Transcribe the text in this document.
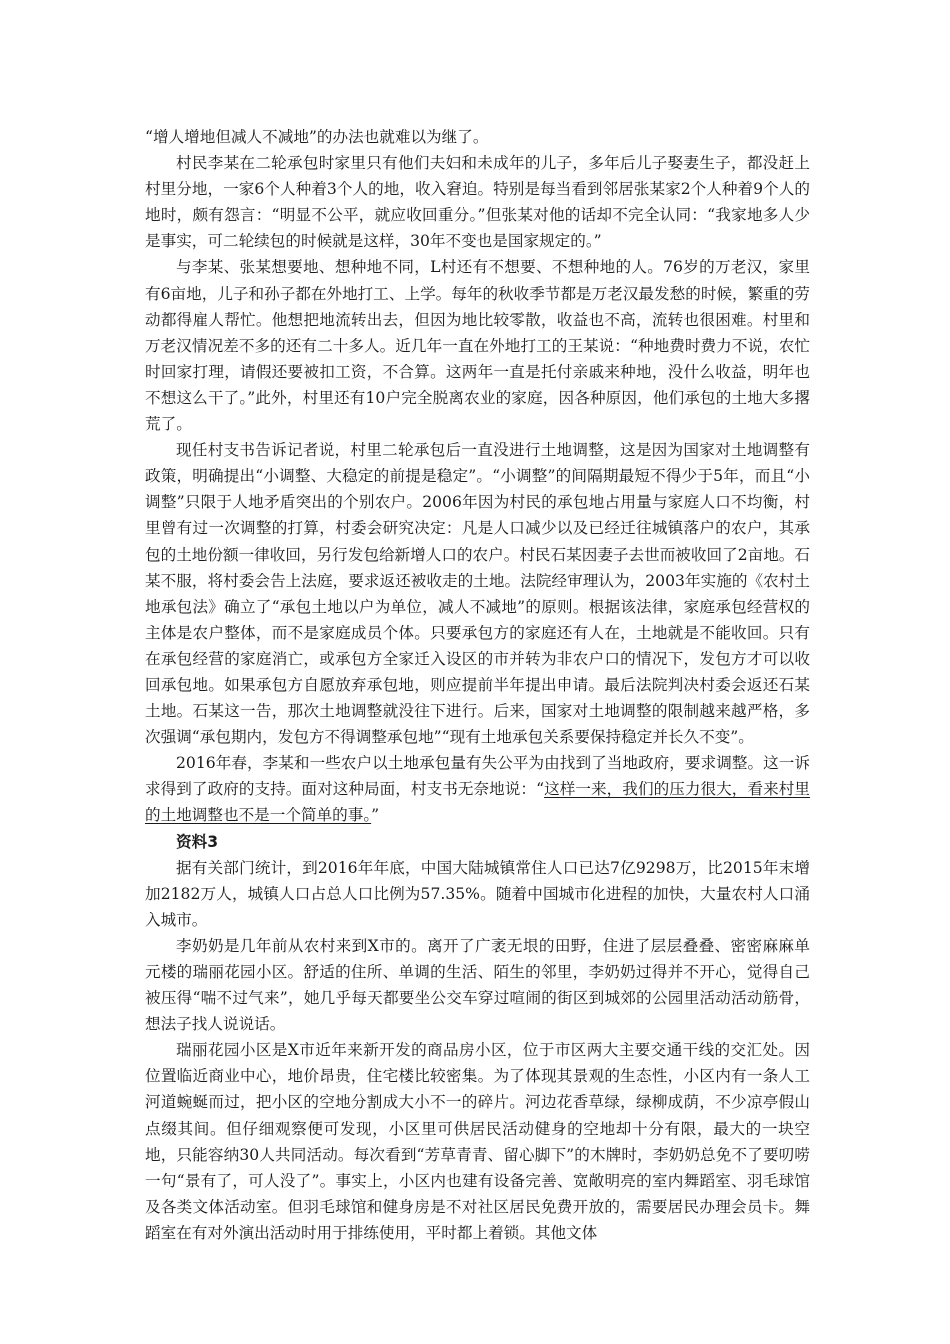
“增人增地但减人不减地”的办法也就难以为继了。

村民李某在二轮承包时家里只有他们夫妇和未成年的儿子，多年后儿子娶妻生子，都没赶上村里分地，一家6个人种着3个人的地，收入窘迫。特别是每当看到邻居张某家2个人种着9个人的地时，颇有怨言：“明显不公平，就应收回重分。”但张某对他的话却不完全认同：“我家地多人少是事实，可二轮续包的时候就是这样，30年不变也是国家规定的。”

与李某、张某想要地、想种地不同，L村还有不想要、不想种地的人。76岁的万老汉，家里有6亩地，儿子和孙子都在外地打工、上学。每年的秋收季节都是万老汉最发愁的时候，繁重的劳动都得雇人帮忙。他想把地流转出去，但因为地比较零散，收益也不高，流转也很困难。村里和万老汉情况差不多的还有二十多人。近几年一直在外地打工的王某说：“种地费时费力不说，农忙时回家打理，请假还要被扣工资，不合算。这两年一直是托付亲戚来种地，没什么收益，明年也不想这么干了。”此外，村里还有10户完全脱离农业的家庭，因各种原因，他们承包的土地大多撂荒了。

现任村支书告诉记者说，村里二轮承包后一直没进行土地调整，这是因为国家对土地调整有政策，明确提出“小调整、大稳定的前提是稳定”。“小调整”的间隔期最短不得少于5年，而且“小调整”只限于人地矛盾突出的个别农户。2006年因为村民的承包地占用量与家庭人口不均衡，村里曾有过一次调整的打算，村委会研究决定：凡是人口减少以及已经迁往城镇落户的农户，其承包的土地份额一律收回，另行发包给新增人口的农户。村民石某因妻子去世而被收回了2亩地。石某不服，将村委会告上法庭，要求返还被收走的土地。法院经审理认为，2003年实施的《农村土地承包法》确立了“承包土地以户为单位，减人不减地”的原则。根据该法律，家庭承包经营权的主体是农户整体，而不是家庭成员个体。只要承包方的家庭还有人在，土地就是不能收回。只有在承包经营的家庭消亡，或承包方全家迁入设区的市并转为非农户口的情况下，发包方才可以收回承包地。如果承包方自愿放弃承包地，则应提前半年提出申请。最后法院判决村委会返还石某土地。石某这一告，那次土地调整就没往下进行。后来，国家对土地调整的限制越来越严格，多次强调“承包期内，发包方不得调整承包地”“现有土地承包关系要保持稳定并长久不变”。

2016年春，李某和一些农户以土地承包量有失公平为由找到了当地政府，要求调整。这一诉求得到了政府的支持。面对这种局面，村支书无奈地说：“这样一来，我们的压力很大，看来村里的土地调整也不是一个简单的事。”

资料3

据有关部门统计，到2016年年底，中国大陆城镇常住人口已达7亿9298万，比2015年末增加2182万人，城镇人口占总人口比例为57.35%。随着中国城市化进程的加快，大量农村人口涌入城市。

李奶奶是几年前从农村来到X市的。离开了广袤无垠的田野，住进了层层叠叠、密密麻麻单元楼的瑞丽花园小区。舒适的住所、单调的生活、陌生的邻里，李奶奶过得并不开心，觉得自己被压得“喘不过气来”，她几乎每天都要坐公交车穿过喧闹的街区到城郊的公园里活动活动筋骨，想法子找人说说话。

瑞丽花园小区是X市近年来新开发的商品房小区，位于市区两大主要交通干线的交汇处。因位置临近商业中心，地价昂贵，住宅楼比较密集。为了体现其景观的生态性，小区内有一条人工河道蜿蜒而过，把小区的空地分割成大小不一的碎片。河边花香草绿，绿柳成荫，不少凉亭假山点缀其间。但仔细观察便可发现，小区里可供居民活动健身的空地却十分有限，最大的一块空地，只能容纳30人共同活动。每次看到“芳草青青、留心脚下”的木牌时，李奶奶总免不了要叨唠一句“景有了，可人没了”。事实上，小区内也建有设备完善、宽敞明亮的室内舞蹈室、羽毛球馆及各类文体活动室。但羽毛球馆和健身房是不对社区居民免费开放的，需要居民办理会员卡。舞蹈室在有对外演出活动时用于排练使用，平时都上着锁。其他文体
